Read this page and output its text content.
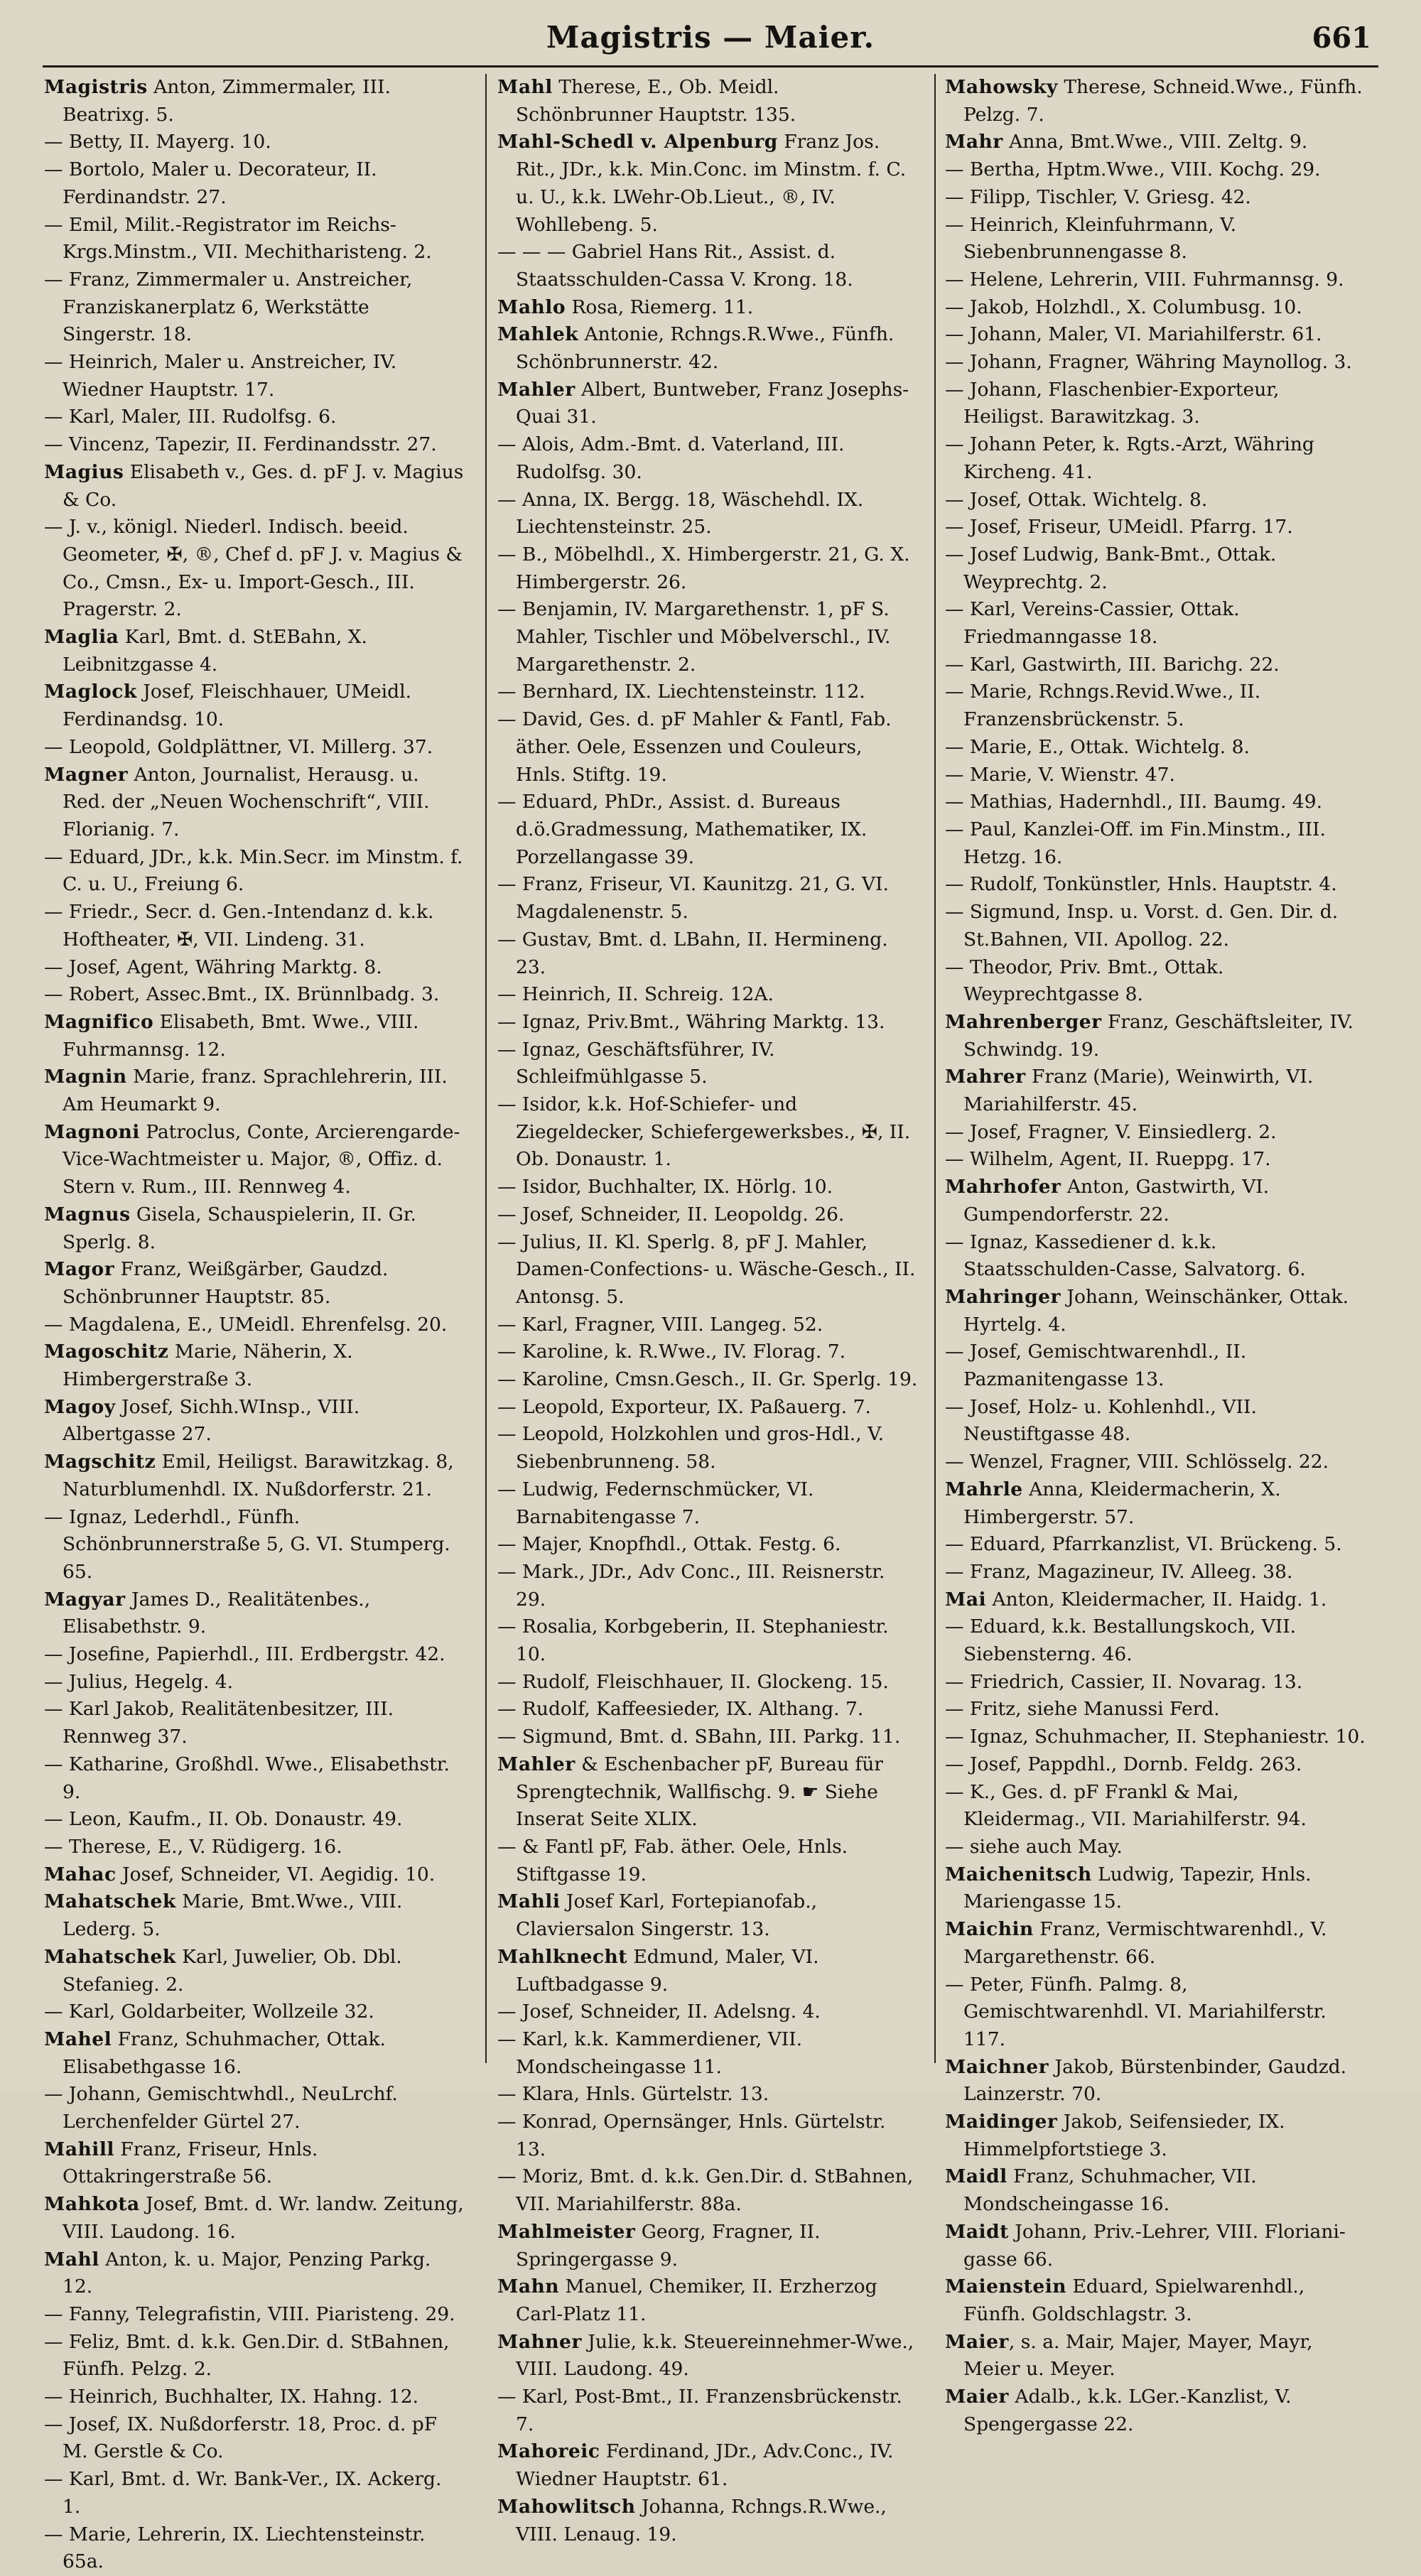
Magistris — Maier.	661

Magistris Anton, Zimmermaler, III. Beatrixg. 5.

— Betty, II. Mayerg. 10.

— Bortolo, Maler u. Decorateur, II. Ferdinandstr. 27.

— Emil, Milit.-Registrator im Reichs-Krgs.Minstm., VII. Mechitharisteng. 2.

— Franz, Zimmermaler u. Anstreicher, Franziskanerplatz 6, Werkstätte Singerstr. 18.

— Heinrich, Maler u. Anstreicher, IV. Wiedner Hauptstr. 17.

— Karl, Maler, III. Rudolfsg. 6.

— Vincenz, Tapezir, II. Ferdinandsstr. 27.

Magius Elisabeth v., Ges. d. pF J. v. Magius & Co.

— J. v., königl. Niederl. Indisch. beeid. Geometer, ✠, ®, Chef d. pF J. v. Magius & Co., Cmsn., Ex- u. Import-Gesch., III. Pragerstr. 2.

Maglia Karl, Bmt. d. StEBahn, X. Leibnitzgasse 4.

Maglock Josef, Fleischhauer, UMeidl. Ferdinandsg. 10.

— Leopold, Goldplättner, VI. Millerg. 37.

Magner Anton, Journalist, Herausg. u. Red. der „Neuen Wochenschrift“, VIII. Florianig. 7.

— Eduard, JDr., k.k. Min.Secr. im Minstm. f. C. u. U., Freiung 6.

— Friedr., Secr. d. Gen.-Intendanz d. k.k. Hoftheater, ✠, VII. Lindeng. 31.

— Josef, Agent, Währing Marktg. 8.

— Robert, Assec.Bmt., IX. Brünnlbadg. 3.

Magnifico Elisabeth, Bmt. Wwe., VIII. Fuhrmannsg. 12.

Magnin Marie, franz. Sprachlehrerin, III. Am Heumarkt 9.

Magnoni Patroclus, Conte, Arcierengarde-Vice-Wachtmeister u. Major, ®, Offiz. d. Stern v. Rum., III. Rennweg 4.

Magnus Gisela, Schauspielerin, II. Gr. Sperlg. 8.

Magor Franz, Weißgärber, Gaudzd. Schönbrunner Hauptstr. 85.

— Magdalena, E., UMeidl. Ehrenfelsg. 20.

Magoschitz Marie, Näherin, X. Himbergerstraße 3.

Magoy Josef, Sichh.WInsp., VIII. Albertgasse 27.

Magschitz Emil, Heiligst. Barawitzkag. 8, Naturblumenhdl. IX. Nußdorferstr. 21.

— Ignaz, Lederhdl., Fünfh. Schönbrunnerstraße 5, G. VI. Stumperg. 65.

Magyar James D., Realitätenbes., Elisabethstr. 9.

— Josefine, Papierhdl., III. Erdbergstr. 42.

— Julius, Hegelg. 4.

— Karl Jakob, Realitätenbesitzer, III. Rennweg 37.

— Katharine, Großhdl. Wwe., Elisabethstr. 9.

— Leon, Kaufm., II. Ob. Donaustr. 49.

— Therese, E., V. Rüdigerg. 16.

Mahac Josef, Schneider, VI. Aegidig. 10.

Mahatschek Marie, Bmt.Wwe., VIII. Lederg. 5.

Mahatschek Karl, Juwelier, Ob. Dbl. Stefanieg. 2.

— Karl, Goldarbeiter, Wollzeile 32.

Mahel Franz, Schuhmacher, Ottak. Elisabethgasse 16.

— Johann, Gemischtwhdl., NeuLrchf. Lerchenfelder Gürtel 27.

Mahill Franz, Friseur, Hnls. Ottakringerstraße 56.

Mahkota Josef, Bmt. d. Wr. landw. Zeitung, VIII. Laudong. 16.

Mahl Anton, k. u. Major, Penzing Parkg. 12.

— Fanny, Telegrafistin, VIII. Piaristeng. 29.

— Feliz, Bmt. d. k.k. Gen.Dir. d. StBahnen, Fünfh. Pelzg. 2.

— Heinrich, Buchhalter, IX. Hahng. 12.

— Josef, IX. Nußdorferstr. 18, Proc. d. pF M. Gerstle & Co.

— Karl, Bmt. d. Wr. Bank-Ver., IX. Ackerg. 1.

— Marie, Lehrerin, IX. Liechtensteinstr. 65a.

Mahl Therese, E., Ob. Meidl. Schönbrunner Hauptstr. 135.

Mahl-Schedl v. Alpenburg Franz Jos. Rit., JDr., k.k. Min.Conc. im Minstm. f. C. u. U., k.k. LWehr-Ob.Lieut., ®, IV. Wohllebeng. 5.

— — — Gabriel Hans Rit., Assist. d. Staatsschulden-Cassa V. Krong. 18.

Mahlo Rosa, Riemerg. 11.

Mahlek Antonie, Rchngs.R.Wwe., Fünfh. Schönbrunnerstr. 42.

Mahler Albert, Buntweber, Franz Josephs-Quai 31.

— Alois, Adm.-Bmt. d. Vaterland, III. Rudolfsg. 30.

— Anna, IX. Bergg. 18, Wäschehdl. IX. Liechtensteinstr. 25.

— B., Möbelhdl., X. Himbergerstr. 21, G. X. Himbergerstr. 26.

— Benjamin, IV. Margarethenstr. 1, pF S. Mahler, Tischler und Möbelverschl., IV. Margarethenstr. 2.

— Bernhard, IX. Liechtensteinstr. 112.

— David, Ges. d. pF Mahler & Fantl, Fab. äther. Oele, Essenzen und Couleurs, Hnls. Stiftg. 19.

— Eduard, PhDr., Assist. d. Bureaus d.ö.Gradmessung, Mathematiker, IX. Porzellangasse 39.

— Franz, Friseur, VI. Kaunitzg. 21, G. VI. Magdalenenstr. 5.

— Gustav, Bmt. d. LBahn, II. Hermineng. 23.

— Heinrich, II. Schreig. 12A.

— Ignaz, Priv.Bmt., Währing Marktg. 13.

— Ignaz, Geschäftsführer, IV. Schleifmühlgasse 5.

— Isidor, k.k. Hof-Schiefer- und Ziegeldecker, Schiefergewerksbes., ✠, II. Ob. Donaustr. 1.

— Isidor, Buchhalter, IX. Hörlg. 10.

— Josef, Schneider, II. Leopoldg. 26.

— Julius, II. Kl. Sperlg. 8, pF J. Mahler, Damen-Confections- u. Wäsche-Gesch., II. Antonsg. 5.

— Karl, Fragner, VIII. Langeg. 52.

— Karoline, k. R.Wwe., IV. Florag. 7.

— Karoline, Cmsn.Gesch., II. Gr. Sperlg. 19.

— Leopold, Exporteur, IX. Paßauerg. 7.

— Leopold, Holzkohlen und gros-Hdl., V. Siebenbrunneng. 58.

— Ludwig, Federnschmücker, VI. Barnabitengasse 7.

— Majer, Knopfhdl., Ottak. Festg. 6.

— Mark., JDr., Adv Conc., III. Reisnerstr. 29.

— Rosalia, Korbgeberin, II. Stephaniestr. 10.

— Rudolf, Fleischhauer, II. Glockeng. 15.

— Rudolf, Kaffeesieder, IX. Althang. 7.

— Sigmund, Bmt. d. SBahn, III. Parkg. 11.

Mahler & Eschenbacher pF, Bureau für Sprengtechnik, Wallfischg. 9. ☛ Siehe Inserat Seite XLIX.

— & Fantl pF, Fab. äther. Oele, Hnls. Stiftgasse 19.

Mahli Josef Karl, Fortepianofab., Claviersalon Singerstr. 13.

Mahlknecht Edmund, Maler, VI. Luftbadgasse 9.

— Josef, Schneider, II. Adelsng. 4.

— Karl, k.k. Kammerdiener, VII. Mondscheingasse 11.

— Klara, Hnls. Gürtelstr. 13.

— Konrad, Opernsänger, Hnls. Gürtelstr. 13.

— Moriz, Bmt. d. k.k. Gen.Dir. d. StBahnen, VII. Mariahilferstr. 88a.

Mahlmeister Georg, Fragner, II. Springergasse 9.

Mahn Manuel, Chemiker, II. Erzherzog Carl-Platz 11.

Mahner Julie, k.k. Steuereinnehmer-Wwe., VIII. Laudong. 49.

— Karl, Post-Bmt., II. Franzensbrückenstr. 7.

Mahoreic Ferdinand, JDr., Adv.Conc., IV. Wiedner Hauptstr. 61.

Mahowlitsch Johanna, Rchngs.R.Wwe., VIII. Lenaug. 19.

Mahowsky Therese, Schneid.Wwe., Fünfh. Pelzg. 7.

Mahr Anna, Bmt.Wwe., VIII. Zeltg. 9.

— Bertha, Hptm.Wwe., VIII. Kochg. 29.

— Filipp, Tischler, V. Griesg. 42.

— Heinrich, Kleinfuhrmann, V. Siebenbrunnengasse 8.

— Helene, Lehrerin, VIII. Fuhrmannsg. 9.

— Jakob, Holzhdl., X. Columbusg. 10.

— Johann, Maler, VI. Mariahilferstr. 61.

— Johann, Fragner, Währing Maynollog. 3.

— Johann, Flaschenbier-Exporteur, Heiligst. Barawitzkag. 3.

— Johann Peter, k. Rgts.-Arzt, Währing Kircheng. 41.

— Josef, Ottak. Wichtelg. 8.

— Josef, Friseur, UMeidl. Pfarrg. 17.

— Josef Ludwig, Bank-Bmt., Ottak. Weyprechtg. 2.

— Karl, Vereins-Cassier, Ottak. Friedmanngasse 18.

— Karl, Gastwirth, III. Barichg. 22.

— Marie, Rchngs.Revid.Wwe., II. Franzensbrückenstr. 5.

— Marie, E., Ottak. Wichtelg. 8.

— Marie, V. Wienstr. 47.

— Mathias, Hadernhdl., III. Baumg. 49.

— Paul, Kanzlei-Off. im Fin.Minstm., III. Hetzg. 16.

— Rudolf, Tonkünstler, Hnls. Hauptstr. 4.

— Sigmund, Insp. u. Vorst. d. Gen. Dir. d. St.Bahnen, VII. Apollog. 22.

— Theodor, Priv. Bmt., Ottak. Weyprechtgasse 8.

Mahrenberger Franz, Geschäftsleiter, IV. Schwindg. 19.

Mahrer Franz (Marie), Weinwirth, VI. Mariahilferstr. 45.

— Josef, Fragner, V. Einsiedlerg. 2.

— Wilhelm, Agent, II. Rueppg. 17.

Mahrhofer Anton, Gastwirth, VI. Gumpendorferstr. 22.

— Ignaz, Kassediener d. k.k. Staatsschulden-Casse, Salvatorg. 6.

Mahringer Johann, Weinschänker, Ottak. Hyrtelg. 4.

— Josef, Gemischtwarenhdl., II. Pazmanitengasse 13.

— Josef, Holz- u. Kohlenhdl., VII. Neustiftgasse 48.

— Wenzel, Fragner, VIII. Schlösselg. 22.

Mahrle Anna, Kleidermacherin, X. Himbergerstr. 57.

— Eduard, Pfarrkanzlist, VI. Brückeng. 5.

— Franz, Magazineur, IV. Alleeg. 38.

Mai Anton, Kleidermacher, II. Haidg. 1.

— Eduard, k.k. Bestallungskoch, VII. Siebensterng. 46.

— Friedrich, Cassier, II. Novarag. 13.

— Fritz, siehe Manussi Ferd.

— Ignaz, Schuhmacher, II. Stephaniestr. 10.

— Josef, Pappdhl., Dornb. Feldg. 263.

— K., Ges. d. pF Frankl & Mai, Kleidermag., VII. Mariahilferstr. 94.

— siehe auch May.

Maichenitsch Ludwig, Tapezir, Hnls. Mariengasse 15.

Maichin Franz, Vermischtwarenhdl., V. Margarethenstr. 66.

— Peter, Fünfh. Palmg. 8, Gemischtwarenhdl. VI. Mariahilferstr. 117.

Maichner Jakob, Bürstenbinder, Gaudzd. Lainzerstr. 70.

Maidinger Jakob, Seifensieder, IX. Himmelpfortstiege 3.

Maidl Franz, Schuhmacher, VII. Mondscheingasse 16.

Maidt Johann, Priv.-Lehrer, VIII. Floriani-gasse 66.

Maienstein Eduard, Spielwarenhdl., Fünfh. Goldschlagstr. 3.

Maier, s. a. Mair, Majer, Mayer, Mayr, Meier u. Meyer.

Maier Adalb., k.k. LGer.-Kanzlist, V. Spengergasse 22.
